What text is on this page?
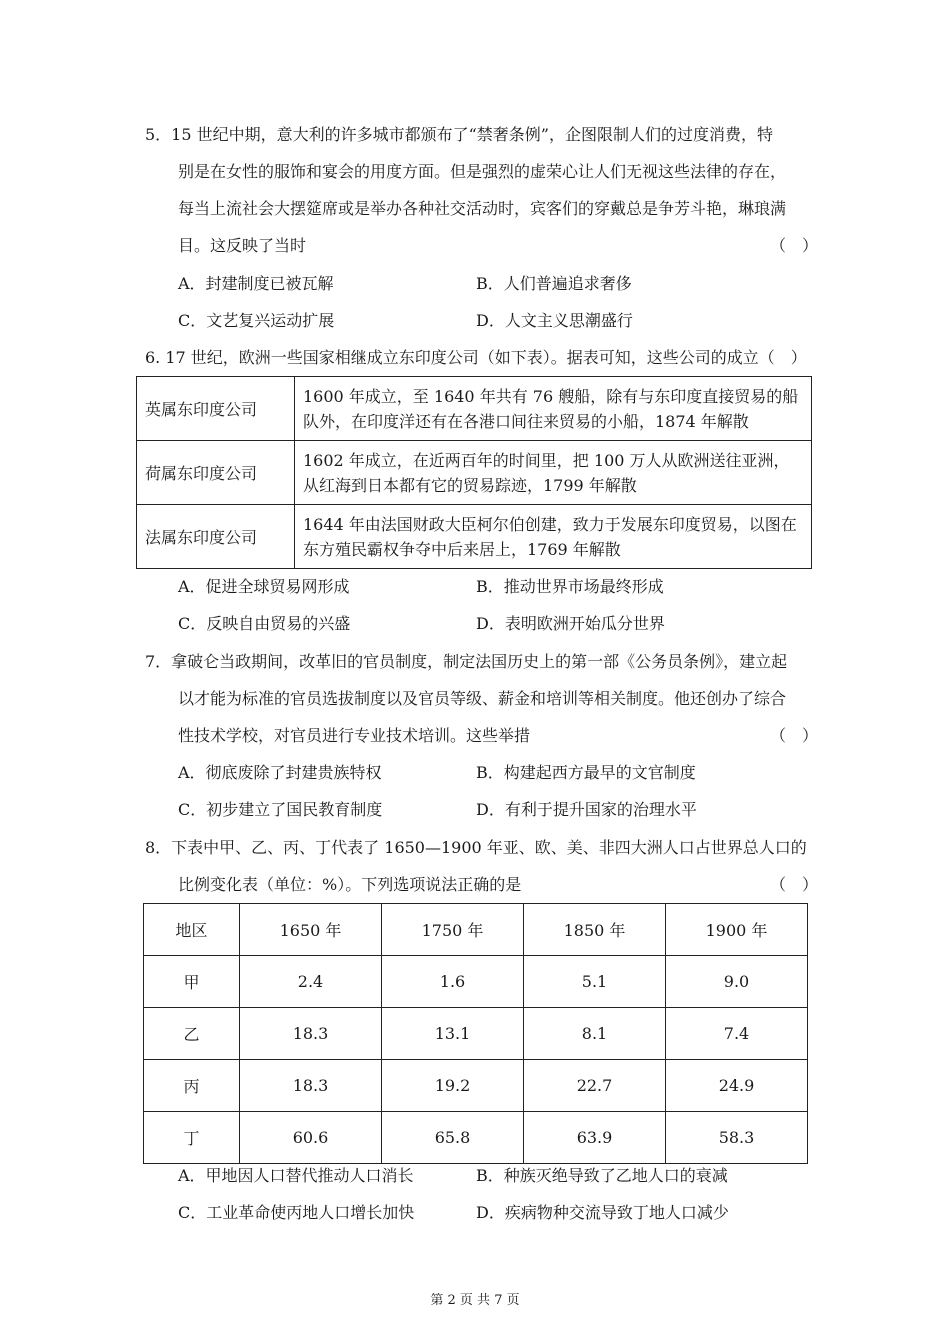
5．15 世纪中期，意大利的许多城市都颁布了“禁奢条例”，企图限制人们的过度消费，特
别是在女性的服饰和宴会的用度方面。但是强烈的虚荣心让人们无视这些法律的存在，
每当上流社会大摆筵席或是举办各种社交活动时，宾客们的穿戴总是争芳斗艳，琳琅满
目。这反映了当时	（　）
A．封建制度已被瓦解	B．人们普遍追求奢侈
C．文艺复兴运动扩展	D．人文主义思潮盛行
6. 17 世纪，欧洲一些国家相继成立东印度公司（如下表）。据表可知，这些公司的成立（　）
英属东印度公司	1600 年成立，至 1640 年共有 76 艘船，除有与东印度直接贸易的船队外，在印度洋还有在各港口间往来贸易的小船，1874 年解散
荷属东印度公司	1602 年成立，在近两百年的时间里，把 100 万人从欧洲送往亚洲，从红海到日本都有它的贸易踪迹，1799 年解散
法属东印度公司	1644 年由法国财政大臣柯尔伯创建，致力于发展东印度贸易，以图在东方殖民霸权争夺中后来居上，1769 年解散
A．促进全球贸易网形成	B．推动世界市场最终形成
C．反映自由贸易的兴盛	D．表明欧洲开始瓜分世界
7．拿破仑当政期间，改革旧的官员制度，制定法国历史上的第一部《公务员条例》，建立起
以才能为标准的官员选拔制度以及官员等级、薪金和培训等相关制度。他还创办了综合
性技术学校，对官员进行专业技术培训。这些举措	（　）
A．彻底废除了封建贵族特权	B．构建起西方最早的文官制度
C．初步建立了国民教育制度	D．有利于提升国家的治理水平
8．下表中甲、乙、丙、丁代表了 1650—1900 年亚、欧、美、非四大洲人口占世界总人口的
比例变化表（单位：%）。下列选项说法正确的是	（　）
地区	1650 年	1750 年	1850 年	1900 年
甲	2.4	1.6	5.1	9.0
乙	18.3	13.1	8.1	7.4
丙	18.3	19.2	22.7	24.9
丁	60.6	65.8	63.9	58.3
A．甲地因人口替代推动人口消长	B．种族灭绝导致了乙地人口的衰减
C．工业革命使丙地人口增长加快	D．疾病物种交流导致丁地人口减少
第 2 页 共 7 页
